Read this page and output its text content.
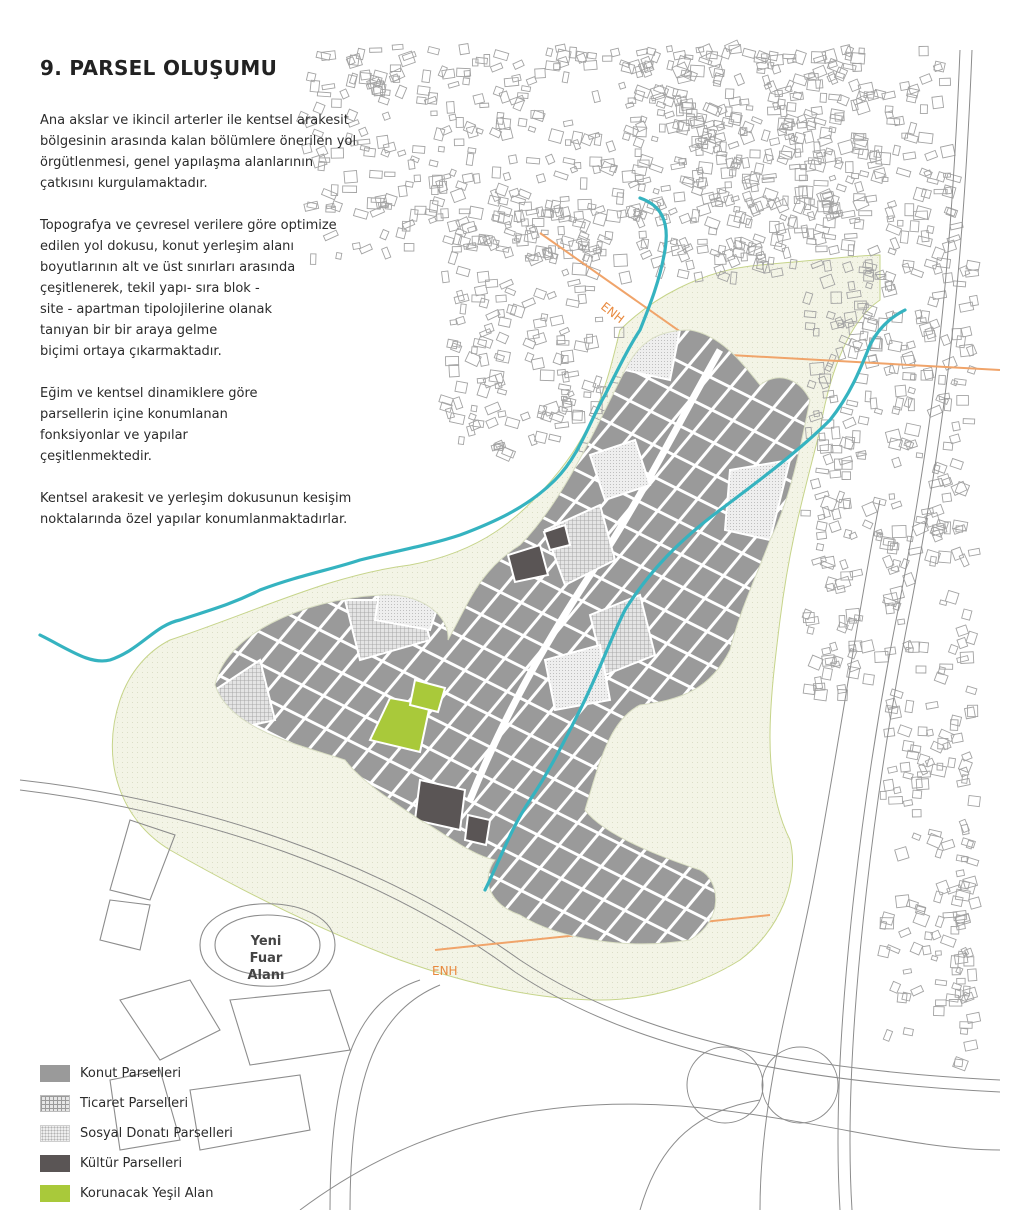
ENH
ENH
Yeni
Fuar
Alanı
9. PARSEL OLUŞUMU

Ana akslar ve ikincil arterler ile kentsel arakesit
bölgesinin arasında kalan bölümlere önerilen yol
örgütlenmesi, genel yapılaşma alanlarının
çatkısını kurgulamaktadır.

Topografya ve çevresel verilere göre optimize
edilen yol dokusu, konut yerleşim alanı
boyutlarının alt ve üst sınırları arasında
çeşitlenerek, tekil yapı- sıra blok -
site - apartman tipolojilerine olanak
tanıyan bir bir araya gelme
biçimi ortaya çıkarmaktadır.

Eğim ve kentsel dinamiklere göre
parsellerin içine konumlanan
fonksiyonlar ve yapılar
çeşitlenmektedir.

Kentsel arakesit ve yerleşim dokusunun kesişim
noktalarında özel yapılar konumlanmaktadırlar.

Konut Parselleri
Ticaret Parselleri
Sosyal Donatı Parselleri
Kültür Parselleri
Korunacak Yeşil Alan
